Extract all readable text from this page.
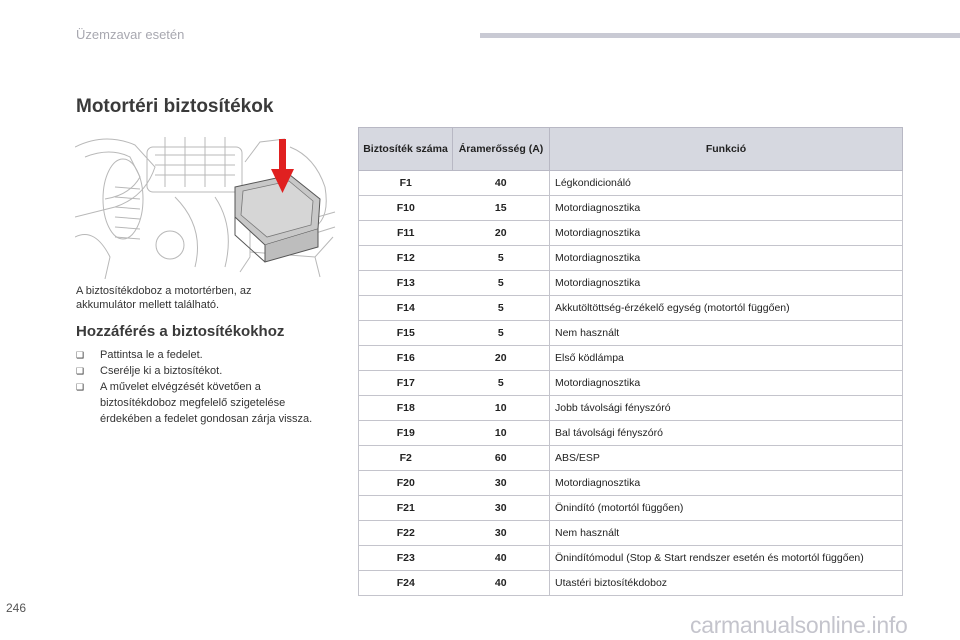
Üzemzavar esetén
Motortéri biztosítékok
A biztosítékdoboz a motortérben, az akkumulátor mellett található.
Hozzáférés a biztosítékokhoz
❑ Pattintsa le a fedelet.
❑ Cserélje ki a biztosítékot.
❑ A művelet elvégzését követően a biztosítékdoboz megfelelő szigetelése érdekében a fedelet gondosan zárja vissza.
Biztosíték száma	Áramerősség (A)	Funkció
F1	40	Légkondicionáló
F10	15	Motordiagnosztika
F11	20	Motordiagnosztika
F12	5	Motordiagnosztika
F13	5	Motordiagnosztika
F14	5	Akkutöltöttség-érzékelő egység (motortól függően)
F15	5	Nem használt
F16	20	Első ködlámpa
F17	5	Motordiagnosztika
F18	10	Jobb távolsági fényszóró
F19	10	Bal távolsági fényszóró
F2	60	ABS/ESP
F20	30	Motordiagnosztika
F21	30	Önindító (motortól függően)
F22	30	Nem használt
F23	40	Önindítómodul (Stop & Start rendszer esetén és motortól függően)
F24	40	Utastéri biztosítékdoboz
246
carmanualsonline.info
